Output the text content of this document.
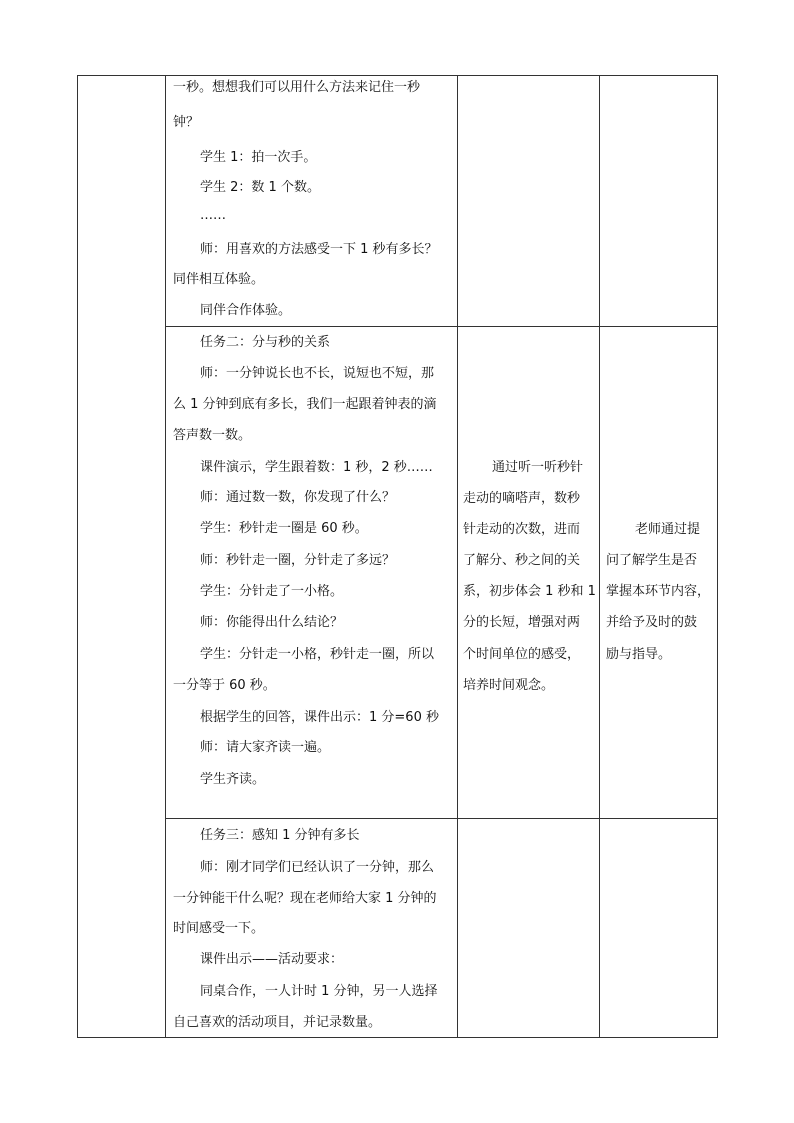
一秒。想想我们可以用什么方法来记住一秒
钟？
学生 1：拍一次手。
学生 2：数 1 个数。
……
师：用喜欢的方法感受一下 1 秒有多长？
同伴相互体验。
同伴合作体验。
任务二：分与秒的关系
师：一分钟说长也不长，说短也不短，那
么 1 分钟到底有多长，我们一起跟着钟表的滴
答声数一数。
课件演示，学生跟着数：1 秒，2 秒……
师：通过数一数，你发现了什么？
学生：秒针走一圈是 60 秒。
师：秒针走一圈，分针走了多远？
学生：分针走了一小格。
师：你能得出什么结论？
学生：分针走一小格，秒针走一圈，所以
一分等于 60 秒。
根据学生的回答，课件出示：1 分=60 秒
师：请大家齐读一遍。
学生齐读。
通过听一听秒针
走动的嘀嗒声，数秒
针走动的次数，进而
了解分、秒之间的关
系，初步体会 1 秒和 1
分的长短，增强对两
个时间单位的感受，
培养时间观念。
老师通过提
问了解学生是否
掌握本环节内容，
并给予及时的鼓
励与指导。
任务三：感知 1 分钟有多长
师：刚才同学们已经认识了一分钟，那么
一分钟能干什么呢？现在老师给大家 1 分钟的
时间感受一下。
课件出示——活动要求：
同桌合作，一人计时 1 分钟，另一人选择
自己喜欢的活动项目，并记录数量。
